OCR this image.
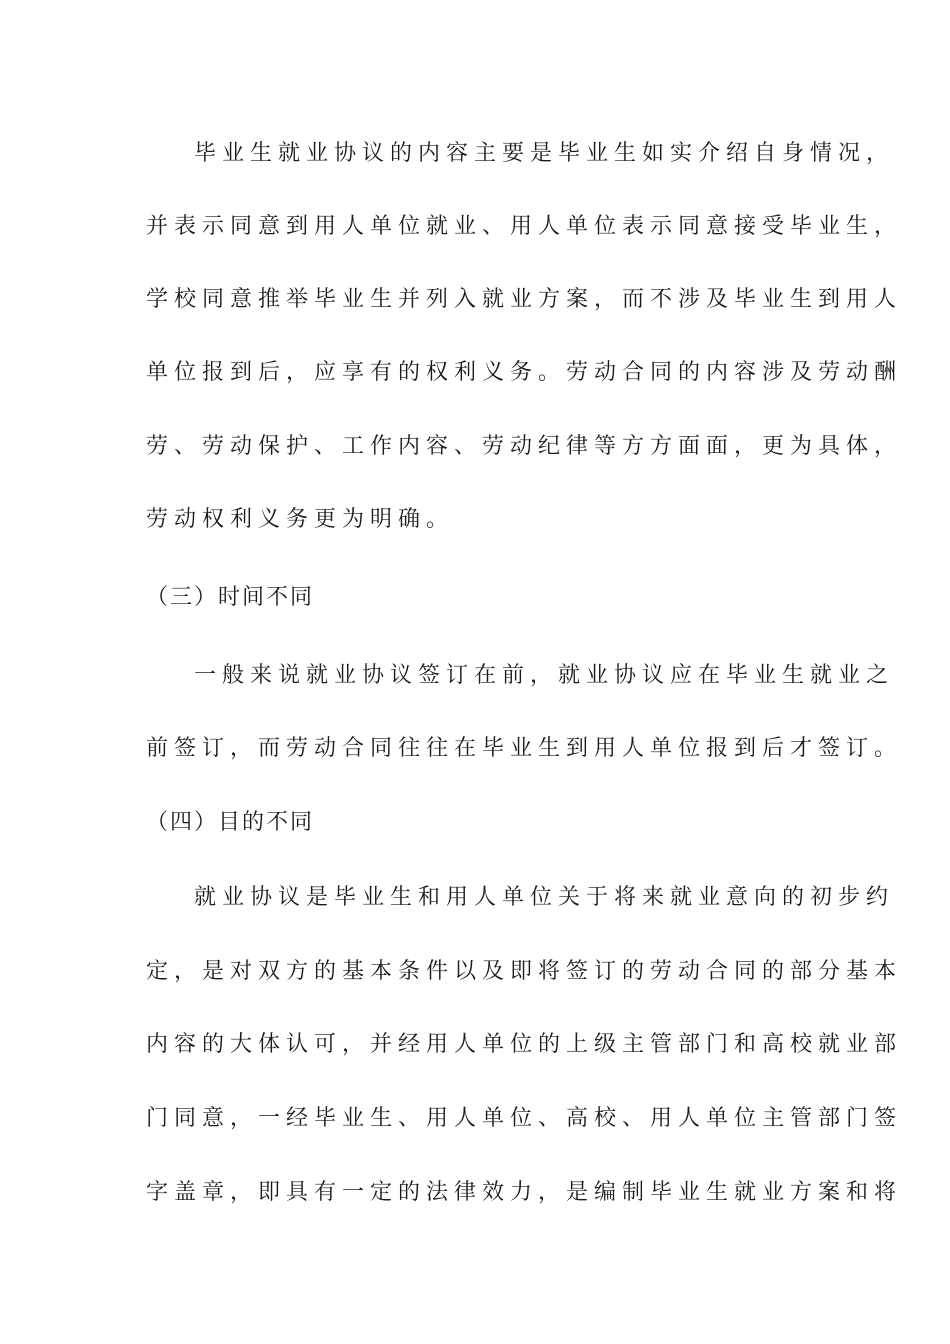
毕业生就业协议的内容主要是毕业生如实介绍自身情况，
并表示同意到用人单位就业、用人单位表示同意接受毕业生，
学校同意推举毕业生并列入就业方案，而不涉及毕业生到用人
单位报到后，应享有的权利义务。劳动合同的内容涉及劳动酬
劳、劳动保护、工作内容、劳动纪律等方方面面，更为具体，
劳动权利义务更为明确。
（三）时间不同
一般来说就业协议签订在前，就业协议应在毕业生就业之
前签订，而劳动合同往往在毕业生到用人单位报到后才签订。
（四）目的不同
就业协议是毕业生和用人单位关于将来就业意向的初步约
定，是对双方的基本条件以及即将签订的劳动合同的部分基本
内容的大体认可，并经用人单位的上级主管部门和高校就业部
门同意，一经毕业生、用人单位、高校、用人单位主管部门签
字盖章，即具有一定的法律效力，是编制毕业生就业方案和将
